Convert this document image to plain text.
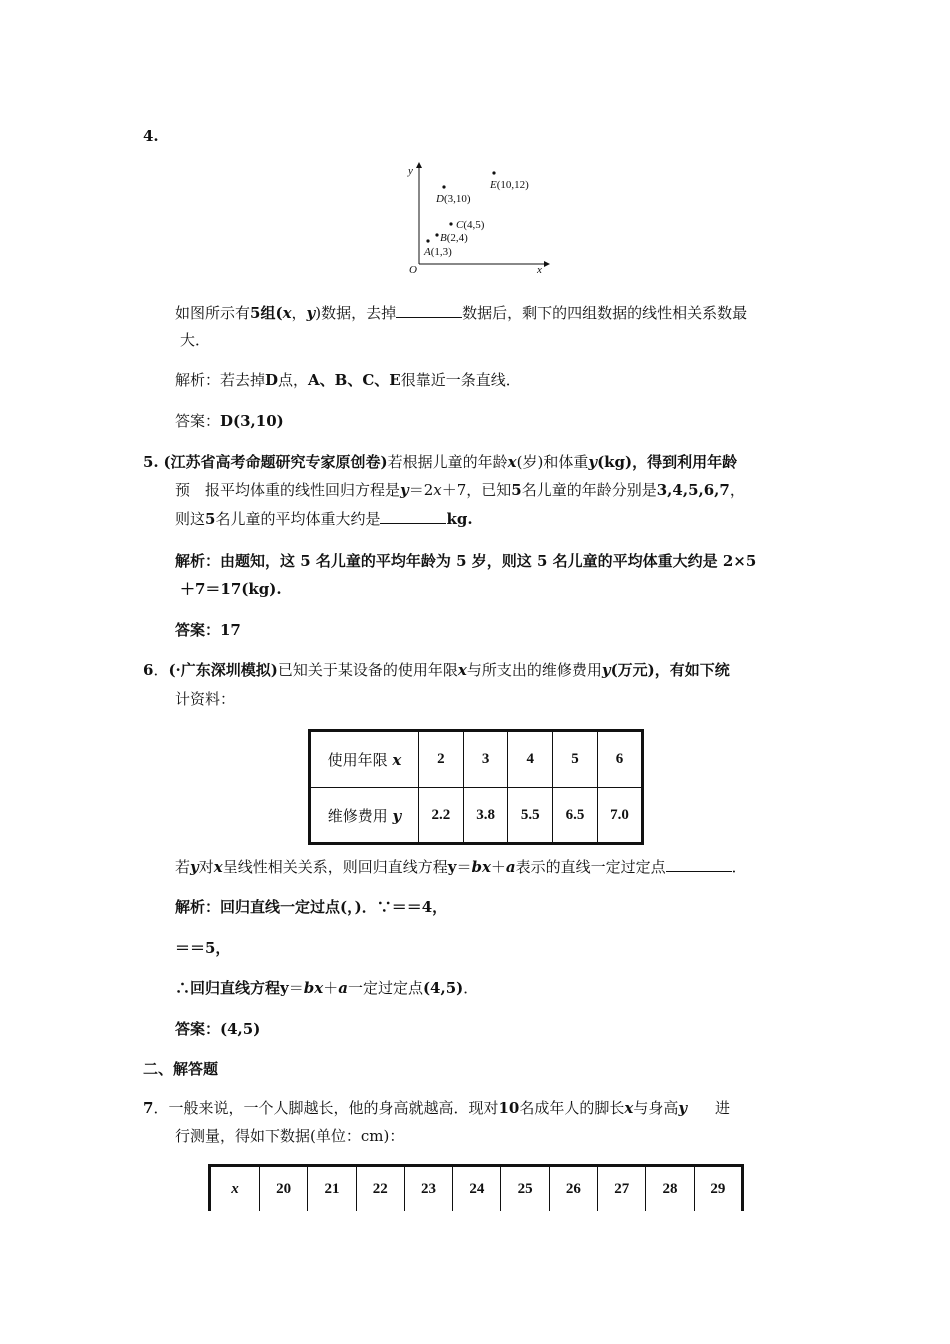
4.
y
x
O
A(1,3)
B(2,4)
C(4,5)
D(3,10)
E(10,12)
如图所示有5组(x，y)数据，去掉	数据后，剩下的四组数据的线性相关系数最
大．
解析：若去掉D点，A、B、C、E很靠近一条直线．
答案：D(3,10)
5. (江苏省高考命题研究专家原创卷)若根据儿童的年龄x(岁)和体重y(kg)，得到利用年龄
预　报平均体重的线性回归方程是y＝2x＋7，已知5名儿童的年龄分别是3,4,5,6,7，
则这5名儿童的平均体重大约是	kg.
解析：由题知，这 5 名儿童的平均年龄为 5 岁，则这 5 名儿童的平均体重大约是 2×5
＋7＝17(kg).
答案：17
6．(·广东深圳模拟)已知关于某设备的使用年限x与所支出的维修费用y(万元)，有如下统
计资料：
使用年限 x	2	3	4	5	6
维修费用 y	2.2	3.8	5.5	6.5	7.0
若y对x呈线性相关关系，则回归直线方程y＝bx＋a表示的直线一定过定点	．
解析：回归直线一定过点(，)．∵＝＝4，
＝＝5，
∴回归直线方程y＝bx＋a一定过定点(4,5)．
答案：(4,5)
二、解答题
7．一般来说，一个人脚越长，他的身高就越高．现对10名成年人的脚长x与身高y 进
行测量，得如下数据(单位：cm)：
x	20	21	22	23	24	25	26	27	28	29
